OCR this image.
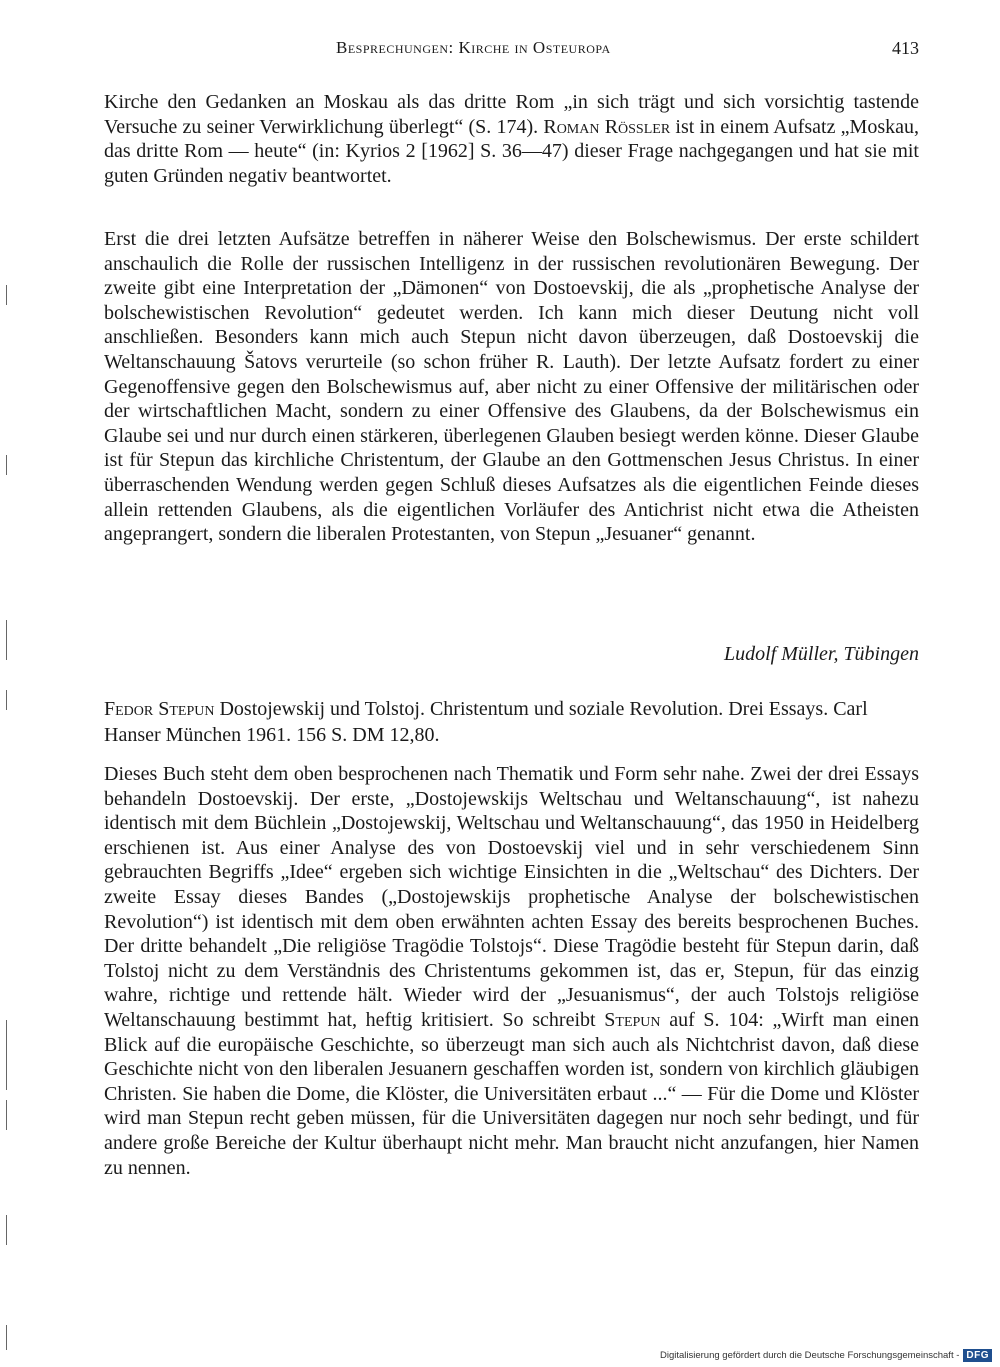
Besprechungen: Kirche in Osteuropa	413
Kirche den Gedanken an Moskau als das dritte Rom „in sich trägt und sich vorsichtig tastende Versuche zu seiner Verwirklichung überlegt“ (S. 174). Roman Rössler ist in einem Aufsatz „Moskau, das dritte Rom — heute“ (in: Kyrios 2 [1962] S. 36—47) dieser Frage nachgegangen und hat sie mit guten Gründen negativ beantwortet.
Erst die drei letzten Aufsätze betreffen in näherer Weise den Bolschewismus. Der erste schildert anschaulich die Rolle der russischen Intelligenz in der russischen revolutionären Bewegung. Der zweite gibt eine Interpretation der „Dämonen“ von Dostoevskij, die als „prophetische Analyse der bolschewistischen Revolution“ gedeutet werden. Ich kann mich dieser Deutung nicht voll anschließen. Besonders kann mich auch Stepun nicht davon überzeugen, daß Dostoevskij die Weltanschauung Šatovs verurteile (so schon früher R. Lauth). Der letzte Aufsatz fordert zu einer Gegenoffensive gegen den Bolschewismus auf, aber nicht zu einer Offensive der militärischen oder der wirtschaftlichen Macht, sondern zu einer Offensive des Glaubens, da der Bolschewismus ein Glaube sei und nur durch einen stärkeren, überlegenen Glauben besiegt werden könne. Dieser Glaube ist für Stepun das kirchliche Christentum, der Glaube an den Gottmenschen Jesus Christus. In einer überraschenden Wendung werden gegen Schluß dieses Aufsatzes als die eigentlichen Feinde dieses allein rettenden Glaubens, als die eigentlichen Vorläufer des Antichrist nicht etwa die Atheisten angeprangert, sondern die liberalen Protestanten, von Stepun „Jesuaner“ genannt.
Ludolf Müller, Tübingen
Fedor Stepun Dostojewskij und Tolstoj. Christentum und soziale Revolution. Drei Essays. Carl Hanser München 1961. 156 S. DM 12,80.
Dieses Buch steht dem oben besprochenen nach Thematik und Form sehr nahe. Zwei der drei Essays behandeln Dostoevskij. Der erste, „Dostojewskijs Weltschau und Weltanschauung“, ist nahezu identisch mit dem Büchlein „Dostojewskij, Weltschau und Weltanschauung“, das 1950 in Heidelberg erschienen ist. Aus einer Analyse des von Dostoevskij viel und in sehr verschiedenem Sinn gebrauchten Begriffs „Idee“ ergeben sich wichtige Einsichten in die „Weltschau“ des Dichters. Der zweite Essay dieses Bandes („Dostojewskijs prophetische Analyse der bolschewistischen Revolution“) ist identisch mit dem oben erwähnten achten Essay des bereits besprochenen Buches. Der dritte behandelt „Die religiöse Tragödie Tolstojs“. Diese Tragödie besteht für Stepun darin, daß Tolstoj nicht zu dem Verständnis des Christentums gekommen ist, das er, Stepun, für das einzig wahre, richtige und rettende hält. Wieder wird der „Jesuanismus“, der auch Tolstojs religiöse Weltanschauung bestimmt hat, heftig kritisiert. So schreibt Stepun auf S. 104: „Wirft man einen Blick auf die europäische Geschichte, so überzeugt man sich auch als Nichtchrist davon, daß diese Geschichte nicht von den liberalen Jesuanern geschaffen worden ist, sondern von kirchlich gläubigen Christen. Sie haben die Dome, die Klöster, die Universitäten erbaut ...“ — Für die Dome und Klöster wird man Stepun recht geben müssen, für die Universitäten dagegen nur noch sehr bedingt, und für andere große Bereiche der Kultur überhaupt nicht mehr. Man braucht nicht anzufangen, hier Namen zu nennen.
Digitalisierung gefördert durch die Deutsche Forschungsgemeinschaft - DFG
